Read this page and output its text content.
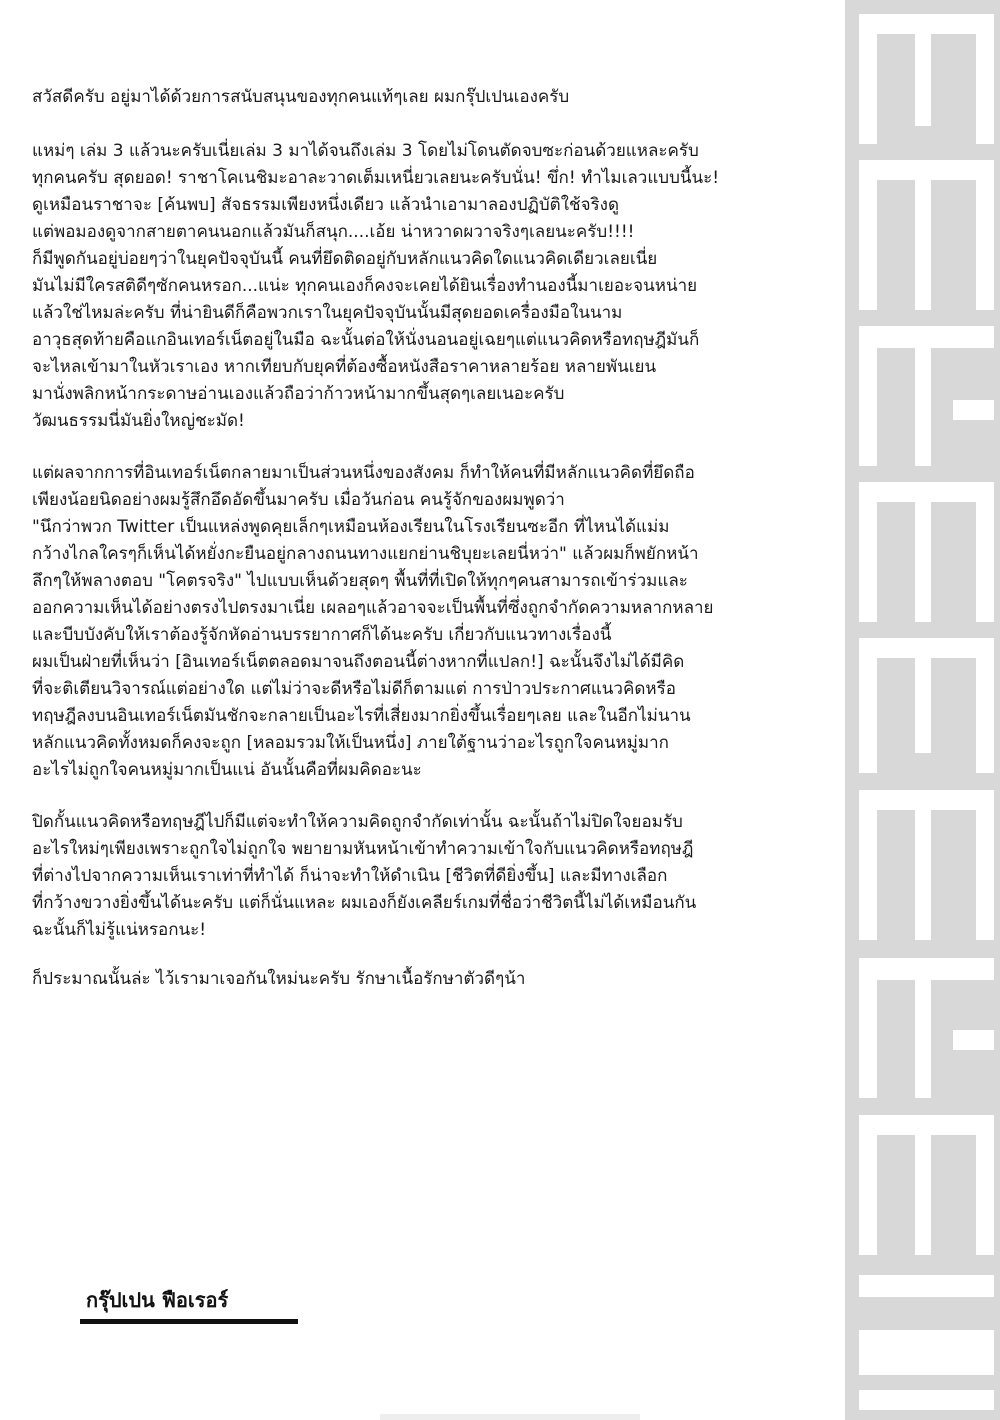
สวัสดีครับ อยู่มาได้ด้วยการสนับสนุนของทุกคนแท้ๆเลย ผมกรุ๊ปเปนเองครับ

แหม่ๆ เล่ม 3 แล้วนะครับเนี่ยเล่ม 3 มาได้จนถึงเล่ม 3 โดยไม่โดนตัดจบซะก่อนด้วยแหละครับ
ทุกคนครับ สุดยอด! ราชาโคเนชิมะอาละวาดเต็มเหนี่ยวเลยนะครับนั่น! ขึ่ก! ทำไมเลวแบบนี้นะ!
ดูเหมือนราชาจะ [ค้นพบ] สัจธรรมเพียงหนึ่งเดียว แล้วนำเอามาลองปฏิบัติใช้จริงดู
แต่พอมองดูจากสายตาคนนอกแล้วมันก็สนุก....เอ้ย น่าหวาดผวาจริงๆเลยนะครับ!!!!
ก็มีพูดกันอยู่บ่อยๆว่าในยุคปัจจุบันนี้ คนที่ยึดติดอยู่กับหลักแนวคิดใดแนวคิดเดียวเลยเนี่ย
มันไม่มีใครสติดีๆซักคนหรอก...แน่ะ ทุกคนเองก็คงจะเคยได้ยินเรื่องทำนองนี้มาเยอะจนหน่าย
แล้วใช่ไหมล่ะครับ ที่น่ายินดีก็คือพวกเราในยุคปัจจุบันนั้นมีสุดยอดเครื่องมือในนาม
อาวุธสุดท้ายคือแกอินเทอร์เน็ตอยู่ในมือ ฉะนั้นต่อให้นั่งนอนอยู่เฉยๆแต่แนวคิดหรือทฤษฎีมันก็
จะไหลเข้ามาในหัวเราเอง หากเทียบกับยุคที่ต้องซื้อหนังสือราคาหลายร้อย หลายพันเยน
มานั่งพลิกหน้ากระดาษอ่านเองแล้วถือว่าก้าวหน้ามากขึ้นสุดๆเลยเนอะครับ
วัฒนธรรมนี่มันยิ่งใหญ่ชะมัด!

แต่ผลจากการที่อินเทอร์เน็ตกลายมาเป็นส่วนหนึ่งของสังคม ก็ทำให้คนที่มีหลักแนวคิดที่ยึดถือ
เพียงน้อยนิดอย่างผมรู้สึกอึดอัดขึ้นมาครับ เมื่อวันก่อน คนรู้จักของผมพูดว่า
"นึกว่าพวก Twitter เป็นแหล่งพูดคุยเล็กๆเหมือนห้องเรียนในโรงเรียนซะอีก ที่ไหนได้แม่ม
กว้างไกลใครๆก็เห็นได้หยั่งกะยืนอยู่กลางถนนทางแยกย่านชิบุยะเลยนี่หว่า" แล้วผมก็พยักหน้า
ลึกๆให้พลางตอบ "โคตรจริง" ไปแบบเห็นด้วยสุดๆ พื้นที่ที่เปิดให้ทุกๆคนสามารถเข้าร่วมและ
ออกความเห็นได้อย่างตรงไปตรงมาเนี่ย เผลอๆแล้วอาจจะเป็นพื้นที่ซึ่งถูกจำกัดความหลากหลาย
และบีบบังคับให้เราต้องรู้จักหัดอ่านบรรยากาศก็ได้นะครับ เกี่ยวกับแนวทางเรื่องนี้
ผมเป็นฝ่ายที่เห็นว่า [อินเทอร์เน็ตตลอดมาจนถึงตอนนี้ต่างหากที่แปลก!] ฉะนั้นจึงไม่ได้มีคิด
ที่จะติเตียนวิจารณ์แต่อย่างใด แต่ไม่ว่าจะดีหรือไม่ดีก็ตามแต่ การป่าวประกาศแนวคิดหรือ
ทฤษฎีลงบนอินเทอร์เน็ตมันชักจะกลายเป็นอะไรที่เสี่ยงมากยิ่งขึ้นเรื่อยๆเลย และในอีกไม่นาน
หลักแนวคิดทั้งหมดก็คงจะถูก [หลอมรวมให้เป็นหนึ่ง] ภายใต้ฐานว่าอะไรถูกใจคนหมู่มาก
อะไรไม่ถูกใจคนหมู่มากเป็นแน่ อันนั้นคือที่ผมคิดอะนะ

ปิดกั้นแนวคิดหรือทฤษฎีไปก็มีแต่จะทำให้ความคิดถูกจำกัดเท่านั้น ฉะนั้นถ้าไม่ปิดใจยอมรับ
อะไรใหม่ๆเพียงเพราะถูกใจไม่ถูกใจ พยายามหันหน้าเข้าทำความเข้าใจกับแนวคิดหรือทฤษฎี
ที่ต่างไปจากความเห็นเราเท่าที่ทำได้ ก็น่าจะทำให้ดำเนิน [ชีวิตที่ดียิ่งขึ้น] และมีทางเลือก
ที่กว้างขวางยิ่งขึ้นได้นะครับ แต่ก็นั่นแหละ ผมเองก็ยังเคลียร์เกมที่ชื่อว่าชีวิตนี้ไม่ได้เหมือนกัน
ฉะนั้นก็ไม่รู้แน่หรอกนะ!

ก็ประมาณนั้นล่ะ ไว้เรามาเจอกันใหม่นะครับ รักษาเนื้อรักษาตัวดีๆน้า

กรุ๊ปเปน ฟือเรอร์
